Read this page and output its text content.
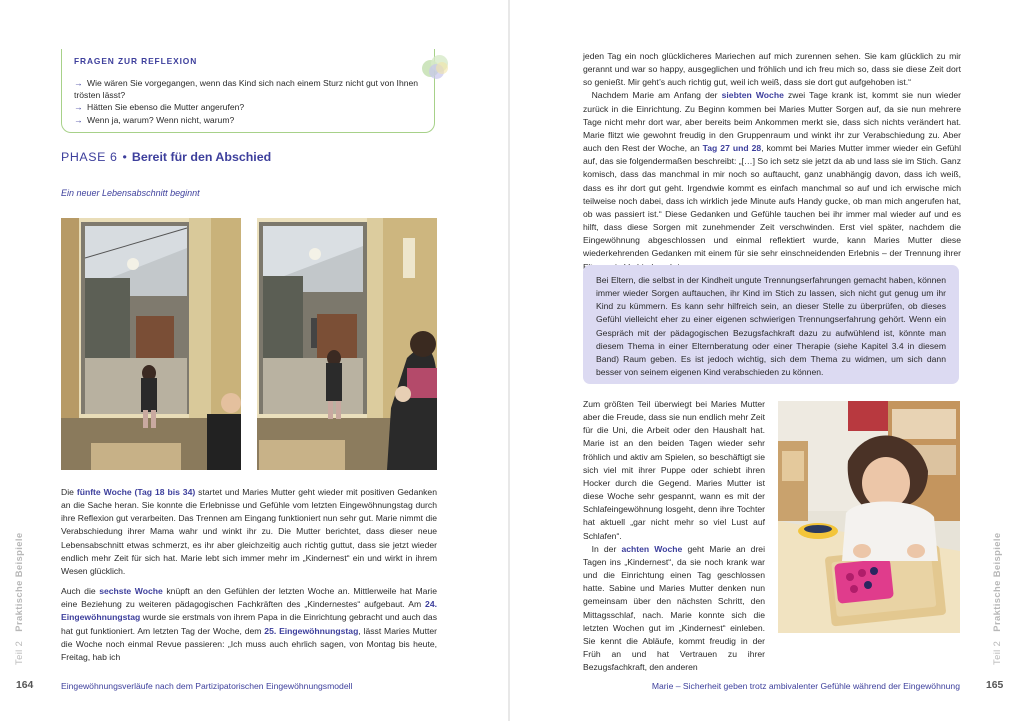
FRAGEN ZUR REFLEXION
→ Wie wären Sie vorgegangen, wenn das Kind sich nach einem Sturz nicht gut von Ihnen trösten lässt?
→ Hätten Sie ebenso die Mutter angerufen?
→ Wenn ja, warum? Wenn nicht, warum?
PHASE 6 • Bereit für den Abschied
Ein neuer Lebensabschnitt beginnt

Die fünfte Woche (Tag 18 bis 34) startet und Maries Mutter geht wieder mit positiven Gedanken an die Sache heran. Sie konnte die Erlebnisse und Gefühle vom letzten Eingewöhnungstag durch ihre Reflexion gut verarbeiten. Das Trennen am Eingang funktioniert nun sehr gut. Marie nimmt die Verabschiedung ihrer Mama wahr und winkt ihr zu. Die Mutter berichtet, dass dieser neue Lebensabschnitt etwas schmerzt, es ihr aber gleichzeitig auch richtig guttut, dass sie jetzt wieder endlich mehr Zeit für sich hat. Marie lebt sich immer mehr im „Kindernest“ ein und wirkt in ihrem Wesen glücklich.

Auch die sechste Woche knüpft an den Gefühlen der letzten Woche an. Mittlerweile hat Marie eine Beziehung zu weiteren pädagogischen Fachkräften des „Kindernestes“ aufgebaut. Am 24. Eingewöhnungstag wurde sie erstmals von ihrem Papa in die Einrichtung gebracht und auch das hat gut funktioniert. Am letzten Tag der Woche, dem 25. Eingewöhnungstag, lässt Maries Mutter die Woche noch einmal Revue passieren: „Ich muss auch ehrlich sagen, von Montag bis heute, Freitag, hab ich

Teil 2   Praktische Beispiele
164	Eingewöhnungsverläufe nach dem Partizipatorischen Eingewöhnungsmodell

jeden Tag ein noch glücklicheres Mariechen auf mich zurennen sehen. Sie kam glücklich zu mir gerannt und war so happy, ausgeglichen und fröhlich und ich freu mich so, dass sie diese Zeit dort so genießt. Mir geht’s auch richtig gut, weil ich weiß, dass sie dort gut aufgehoben ist.“

 Nachdem Marie am Anfang der siebten Woche zwei Tage krank ist, kommt sie nun wieder zurück in die Einrichtung. Zu Beginn kommen bei Maries Mutter Sorgen auf, da sie nun mehrere Tage nicht mehr dort war, aber bereits beim Ankommen merkt sie, dass sich nichts verändert hat. Marie flitzt wie gewohnt freudig in den Gruppenraum und winkt ihr zur Verabschiedung zu. Aber auch den Rest der Woche, an Tag 27 und 28, kommt bei Maries Mutter immer wieder ein Gefühl auf, das sie folgendermaßen beschreibt: „[…] So ich setz sie jetzt da ab und lass sie im Stich. Ganz komisch, dass das manchmal in mir noch so auftaucht, ganz unabhängig davon, dass ich weiß, dass es ihr dort gut geht. Irgendwie kommt es einfach manchmal so auf und ich erwische mich teilweise noch dabei, dass ich wirklich jede Minute aufs Handy gucke, ob man mich angerufen hat, ob was passiert ist.“ Diese Gedanken und Gefühle tauchen bei ihr immer mal wieder auf und es hilft, dass diese Sorgen mit zunehmender Zeit verschwinden. Erst viel später, nachdem die Eingewöhnung abgeschlossen und einmal reflektiert wurde, kann Maries Mutter diese wiederkehrenden Gedanken mit einem für sie sehr einschneidenden Erlebnis – der Trennung ihrer

Bei Eltern, die selbst in der Kindheit ungute Trennungserfahrungen gemacht haben, können immer wieder Sorgen auftauchen, ihr Kind im Stich zu lassen, sich nicht gut genug um ihr Kind zu kümmern. Es kann sehr hilfreich sein, an dieser Stelle zu überprüfen, ob dieses Gefühl vielleicht eher zu einer eigenen schwierigen Trennungserfahrung gehört. Wenn ein Gespräch mit der pädagogischen Bezugsfachkraft dazu zu aufwühlend ist, könnte man diesem Thema in einer Elternberatung oder einer Therapie (siehe Kapitel 3.4 in diesem Band) Raum geben. Es ist jedoch wichtig, sich dem Thema zu widmen, um sich dann besser von seinem eigenen Kind verabschieden zu können.

Zum größten Teil überwiegt bei Maries Mutter aber die Freude, dass sie nun endlich mehr Zeit für die Uni, die Arbeit oder den Haushalt hat. Marie ist an den beiden Tagen wieder sehr fröhlich und aktiv am Spielen, so beschäftigt sie sich viel mit ihrer Puppe oder schiebt ihren Hocker durch die Gegend. Maries Mutter ist diese Woche sehr gespannt, wann es mit der Schlafeingewöhnung losgeht, denn ihre Tochter hat aktuell „gar nicht mehr so viel Lust auf Schlafen“.

 In der achten Woche geht Marie an drei Tagen ins „Kindernest“, da sie noch krank war und die Einrichtung einen Tag geschlossen hatte. Sabine und Maries Mutter denken nun gemeinsam über den nächsten Schritt, den Mittagsschlaf, nach. Marie konnte sich die letzten Wochen gut im „Kindernest“ einleben. Sie kennt die Abläufe, kommt freudig in der Früh an und hat Vertrauen zu ihrer Bezugsfachkraft, den anderen

Teil 2   Praktische Beispiele
165
Marie – Sicherheit geben trotz ambivalenter Gefühle während der Eingewöhnung
